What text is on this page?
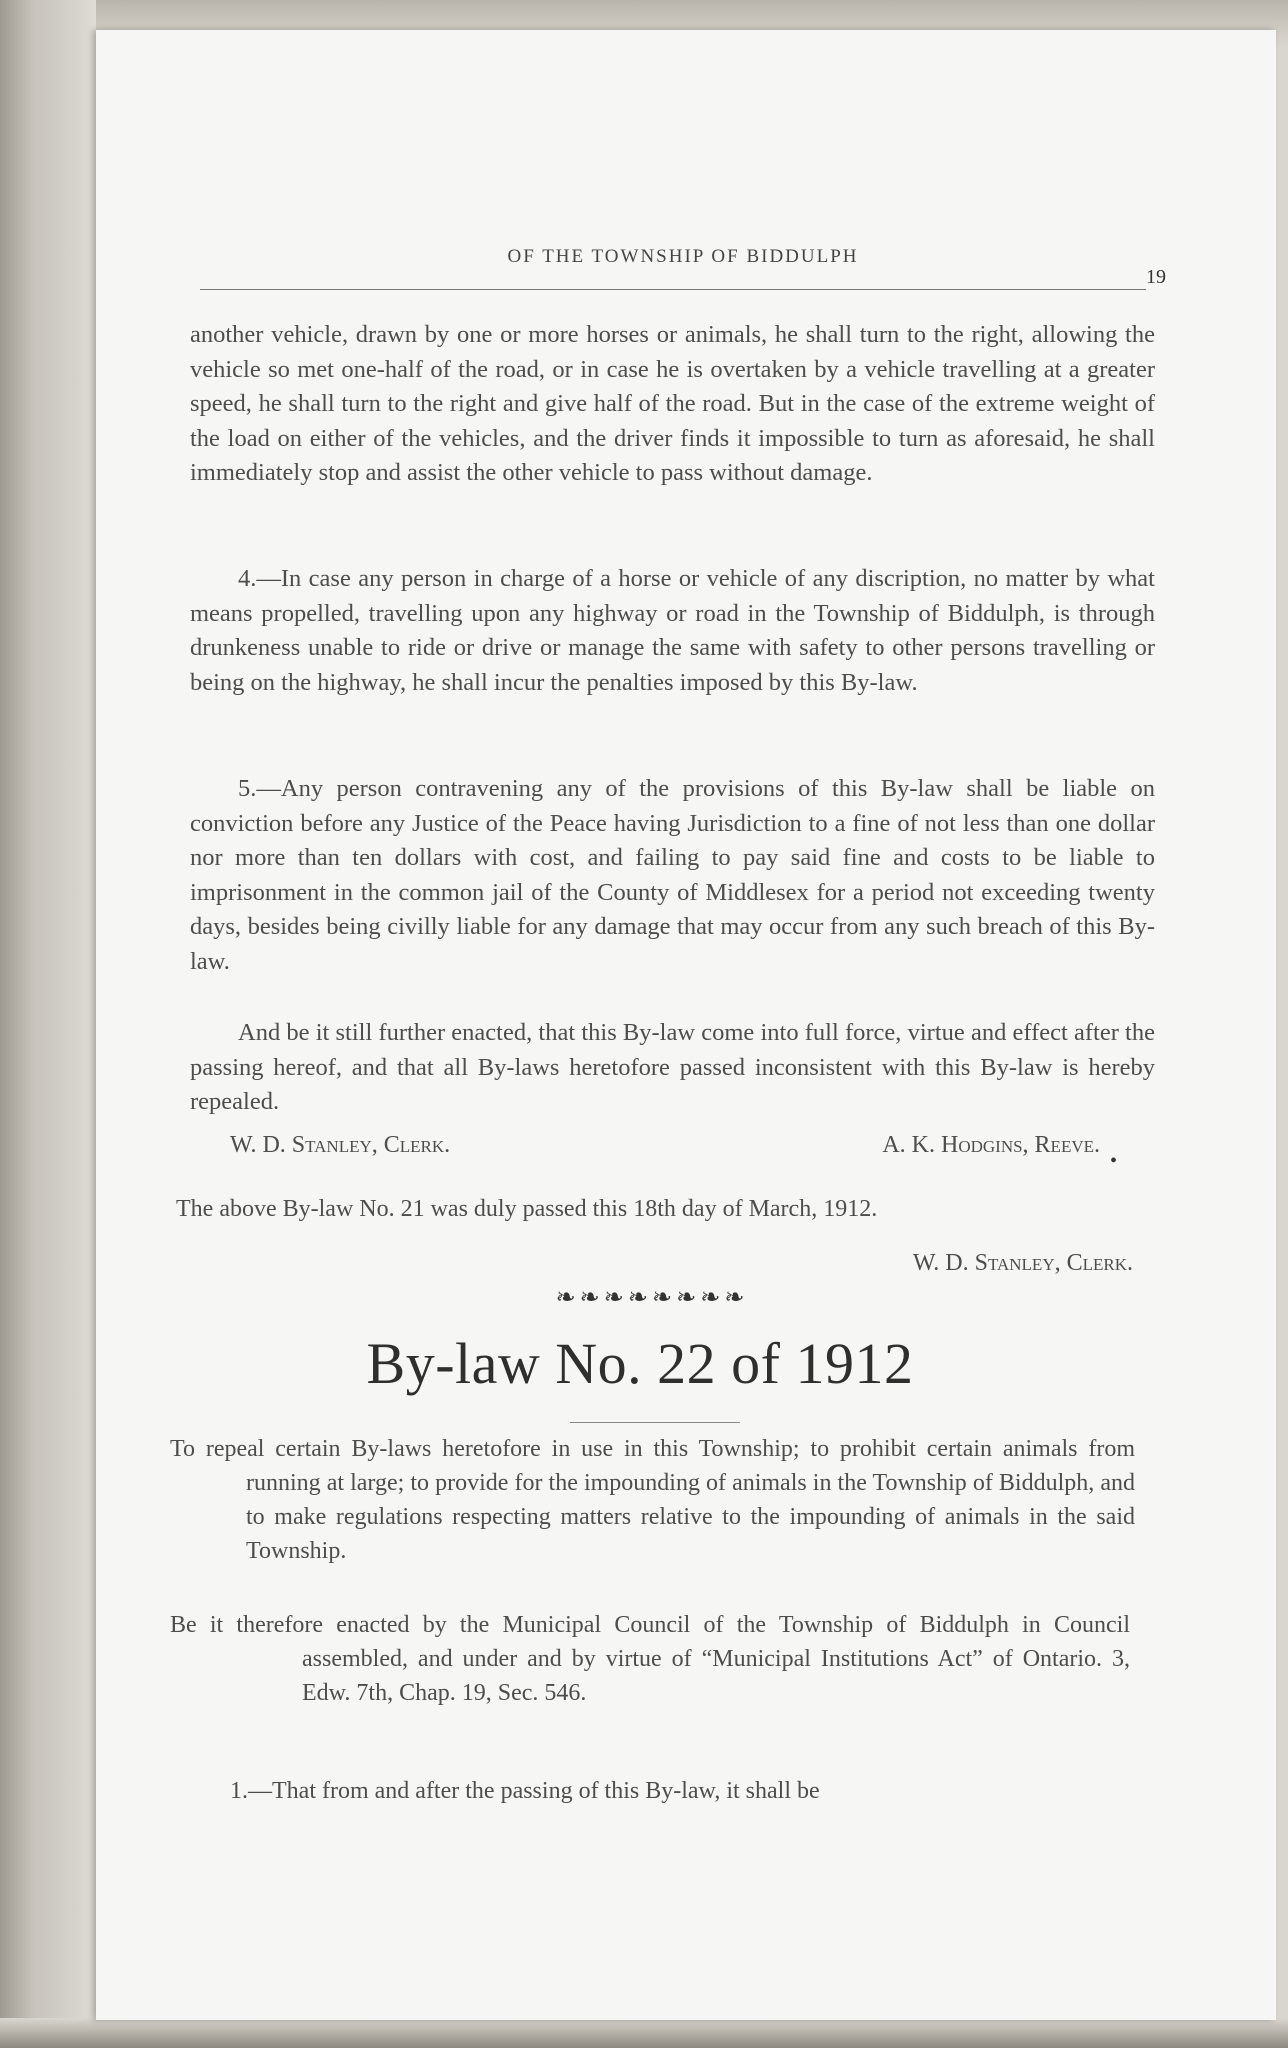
OF THE TOWNSHIP OF BIDDULPH
19
another vehicle, drawn by one or more horses or animals, he shall turn to the right, allowing the vehicle so met one-half of the road, or in case he is overtaken by a vehicle travelling at a greater speed, he shall turn to the right and give half of the road. But in the case of the extreme weight of the load on either of the vehicles, and the driver finds it impossible to turn as aforesaid, he shall immediately stop and assist the other vehicle to pass without damage.
4.—In case any person in charge of a horse or vehicle of any discription, no matter by what means propelled, travelling upon any highway or road in the Township of Biddulph, is through drunkeness unable to ride or drive or manage the same with safety to other persons travelling or being on the highway, he shall incur the penalties imposed by this By-law.
5.—Any person contravening any of the provisions of this By-law shall be liable on conviction before any Justice of the Peace having Jurisdiction to a fine of not less than one dollar nor more than ten dollars with cost, and failing to pay said fine and costs to be liable to imprisonment in the common jail of the County of Middlesex for a period not exceeding twenty days, besides being civilly liable for any damage that may occur from any such breach of this By-law.
And be it still further enacted, that this By-law come into full force, virtue and effect after the passing hereof, and that all By-laws heretofore passed inconsistent with this By-law is hereby repealed.
W. D. Stanley, Clerk.	A. K. Hodgins, Reeve.
•
The above By-law No. 21 was duly passed this 18th day of March, 1912.
W. D. Stanley, Clerk.
❧ ❧ ❧ ❧ ❧ ❧ ❧ ❧
By-law No. 22 of 1912
To repeal certain By-laws heretofore in use in this Township; to prohibit certain animals from running at large; to provide for the impounding of animals in the Township of Biddulph, and to make regulations respecting matters relative to the impounding of animals in the said Township.
Be it therefore enacted by the Municipal Council of the Township of Biddulph in Council assembled, and under and by virtue of “Municipal Institutions Act” of Ontario. 3, Edw. 7th, Chap. 19, Sec. 546.
1.—That from and after the passing of this By-law, it shall be
